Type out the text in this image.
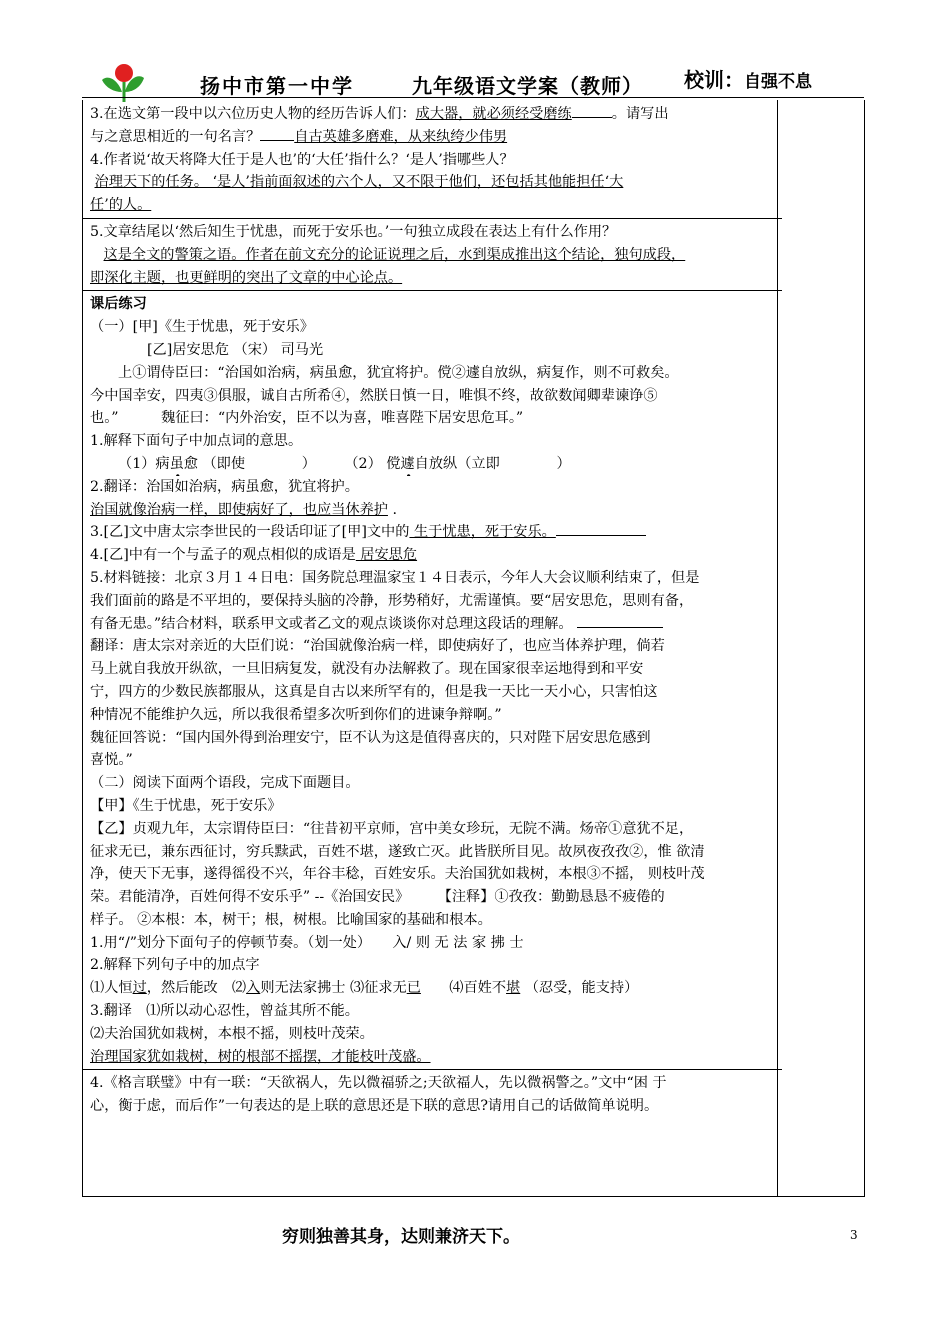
扬中市第一中学	九年级语文学案（教师） 校训：自强不息

3.在选文第一段中以六位历史人物的经历告诉人们：成大器，就必须经受磨练	。请写出

与之意思相近的一句名言？ 自古英雄多磨难，从来纨绔少伟男

4.作者说‘故天将降大任于是人也’的‘大任’指什么？‘是人’指哪些人？

治理天下的任务。 ‘是人’指前面叙述的六个人，又不限于他们，还包括其他能担任‘大

任’的人。

5.文章结尾以‘然后知生于忧患，而死于安乐也。’一句独立成段在表达上有什么作用？

这是全文的警策之语。作者在前文充分的论证说理之后，水到渠成推出这个结论，独句成段，

即深化主题，也更鲜明的突出了文章的中心论点。

课后练习

（一）[甲]《生于忧患，死于安乐》

[乙]居安思危 （宋） 司马光

上①谓侍臣曰：“治国如治病，病虽愈，犹宜将护。傥②遽自放纵，病复作，则不可救矣。

今中国幸安，四夷③俱服，诚自古所希④，然朕日慎一日，唯惧不终，故欲数闻卿辈谏诤⑤

也。”　　　魏征曰：“内外治安，臣不以为喜，唯喜陛下居安思危耳。”

1.解释下面句子中加点词的意思。

（1）病虽愈 （即使　　　　）　　　（2） 傥遽自放纵（立即　　　　）

2.翻译：治国如治病，病虽愈，犹宜将护。

治国就像治病一样，即使病好了，也应当休养护 .

3.[乙]文中唐太宗李世民的一段话印证了[甲]文中的 生于忧患，死于安乐。

4.[乙]中有一个与孟子的观点相似的成语是 居安思危

5.材料链接：北京３月１４日电：国务院总理温家宝１４日表示，今年人大会议顺利结束了，但是

我们面前的路是不平坦的，要保持头脑的冷静，形势稍好，尤需谨慎。要“居安思危，思则有备，

有备无患。”结合材料，联系甲文或者乙文的观点谈谈你对总理这段话的理解。

翻译：唐太宗对亲近的大臣们说：“治国就像治病一样，即使病好了，也应当体养护理，倘若

马上就自我放开纵欲，一旦旧病复发，就没有办法解救了。现在国家很幸运地得到和平安

宁，四方的少数民族都服从，这真是自古以来所罕有的，但是我一天比一天小心，只害怕这

种情况不能维护久远，所以我很希望多次听到你们的进谏争辩啊。”

魏征回答说：“国内国外得到治理安宁，臣不认为这是值得喜庆的，只对陛下居安思危感到

喜悦。”

（二）阅读下面两个语段，完成下面题目。

【甲】《生于忧患，死于安乐》

【乙】贞观九年，太宗谓侍臣曰：“往昔初平京师，宫中美女珍玩，无院不满。炀帝①意犹不足，

征求无已，兼东西征讨，穷兵黩武，百姓不堪，遂致亡灭。此皆朕所目见。故夙夜孜孜②，惟 欲清

净，使天下无事，遂得徭役不兴，年谷丰稔，百姓安乐。夫治国犹如栽树，本根③不摇， 则枝叶茂

荣。君能清净，百姓何得不安乐乎” --《治国安民》　　　【注释】①孜孜：勤勤恳恳不疲倦的

样子。 ②本根：本，树干；根，树根。比喻国家的基础和根本。

1.用“/”划分下面句子的停顿节奏。（划一处）　　入/ 则 无 法 家 拂 士

2.解释下列句子中的加点字

⑴人恒过，然后能改　⑵入则无法家拂士 ⑶征求无已　　⑷百姓不堪 （忍受，能支持）

3.翻译　⑴所以动心忍性，曾益其所不能。

⑵夫治国犹如栽树，本根不摇，则枝叶茂荣。

治理国家犹如栽树，树的根部不摇摆，才能枝叶茂盛。

4.《格言联璧》中有一联：“天欲祸人，先以微福骄之;天欲福人，先以微祸警之。”文中“困 于

心，衡于虑，而后作”一句表达的是上联的意思还是下联的意思?请用自己的话做简单说明。

穷则独善其身，达则兼济天下。	3
